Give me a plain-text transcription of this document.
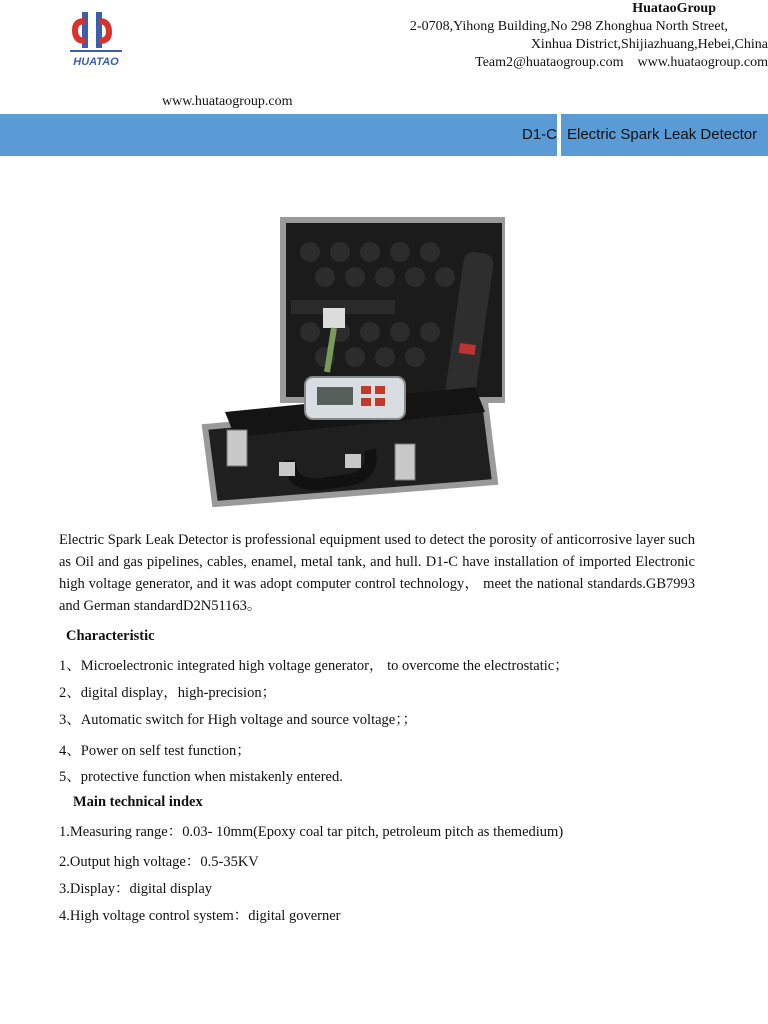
HUATAO
HuataoGroup
2-0708,Yihong Building,No 298 Zhonghua North Street,
Xinhua District,Shijiazhuang,Hebei,China
Team2@huataogroup.com    www.huataogroup.com
www.huataogroup.com
D1-C Electric Spark Leak Detector
Electric Spark Leak Detector is professional equipment used to detect the porosity of anticorrosive layer such as Oil and gas pipelines, cables, enamel, metal tank, and hull. D1-C have installation of imported Electronic high voltage generator, and it was adopt computer control technology， meet the national standards.GB7993 and German standardD2N51163。
Characteristic
1、Microelectronic integrated high voltage generator， to overcome the electrostatic；
2、digital display，high-precision；
3、Automatic switch for High voltage and source voltage；；
4、Power on self test function；
5、protective function when mistakenly entered.
Main technical index
1.Measuring range：0.03- 10mm(Epoxy coal tar pitch, petroleum pitch as themedium)
2.Output high voltage：0.5-35KV
3.Display：digital display
4.High voltage control system：digital governer
